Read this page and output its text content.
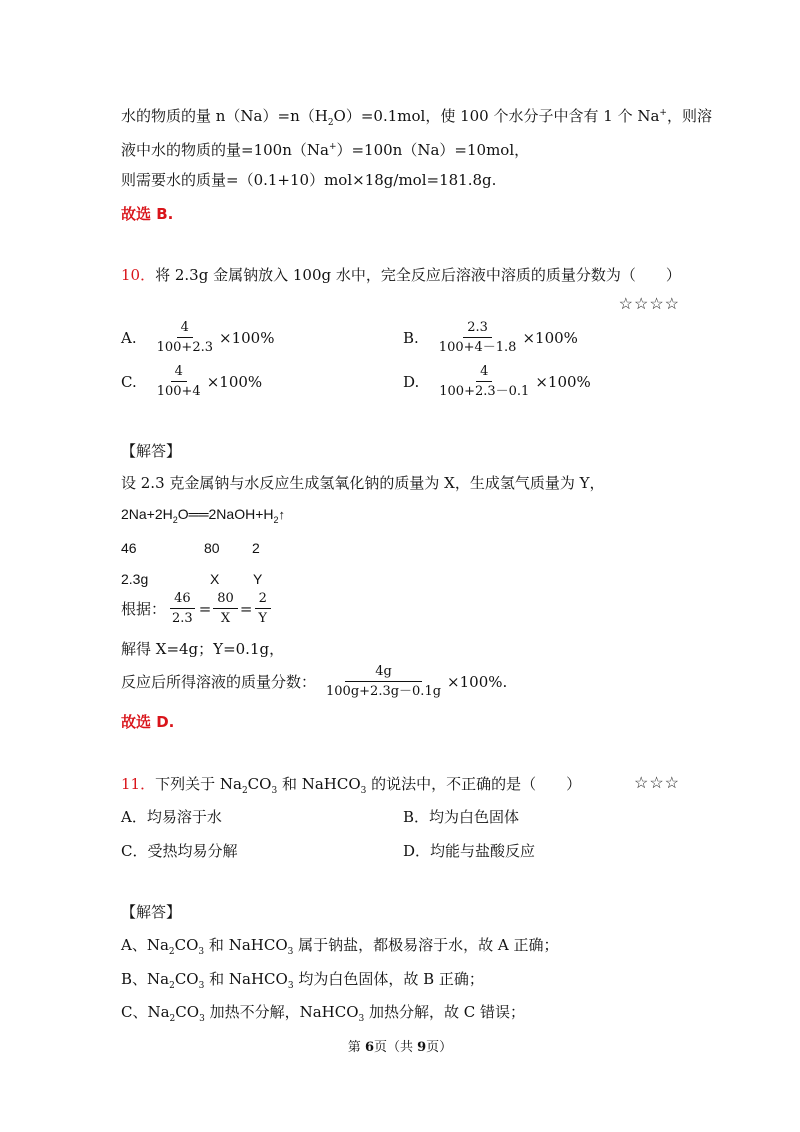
水的物质的量 $n(Na)=n(H_2O)=0.1mol$，使 100 个水分子中含有 1 个 Na+，则溶
液中水的物质的量=100n（Na+）=100n（Na）=10mol，
则需要水的质量=（0.1+10）mol×18g/mol=181.8g.
故选 B.
10．将 2.3g 金属钠放入 100g 水中，完全反应后溶液中溶质的质量分数为（　　）
☆☆☆☆
A. $\frac{4}{100+2.3} \times 100\%$	B. $\frac{2.3}{100+4-1.8} \times 100\%$
C. $\frac{4}{100+4} \times 100\%$	D. $\frac{4}{100+2.3-0.1} \times 100\%$
【解答】
设 2.3 克金属钠与水反应生成氢氧化钠的质量为 X，生成氢气质量为 Y，
$2Na+2H_2O══2NaOH+H_2↑$
46	80 2
2.3g	X Y
根据： $\frac{46}{2.3} = \frac{80}{X} = \frac{2}{Y}$
解得 X=4g；Y=0.1g，
反应后所得溶液的质量分数： $\frac{4g}{100g+2.3g-0.1g} \times 100\%$.
故选 D.
11．下列关于 $Na_2CO_3$ 和 NaHCO$_3$ 的说法中，不正确的是（　　）	☆☆☆
A．均易溶于水	B．均为白色固体
C．受热均易分解	D．均能与盐酸反应
【解答】
A、$Na_2CO_3$ 和 NaHCO$_3$ 属于钠盐，都极易溶于水，故 A 正确；
B、$Na_2CO_3$ 和 NaHCO$_3$ 均为白色固体，故 B 正确；
C、$Na_2CO_3$ 加热不分解，NaHCO$_3$ 加热分解，故 C 错误；
第 6页（共 9页）
